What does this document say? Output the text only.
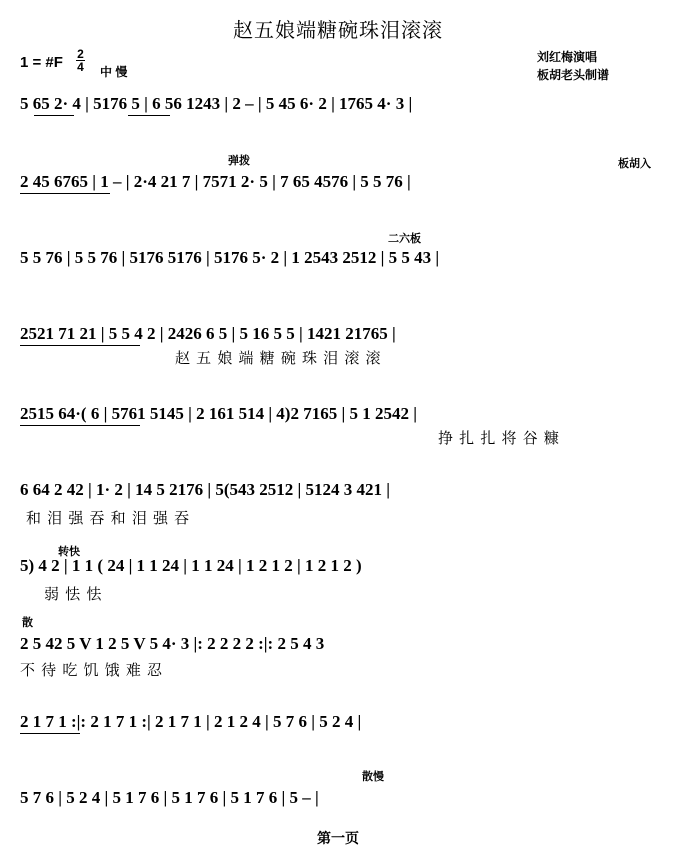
赵五娘端糖碗珠泪滚滚
1 = #F 2
4 中 慢
刘红梅演唱
板胡老头制谱
弹拨	板胡入
二六板
转快
散
散慢
5 65 2· 4 | 5176 5 | 6 56 1243 | 2 – | 5 45 6· 2 | 1765 4· 3 |
2 45 6765 | 1 – | 2·4 21 7 | 7571 2· 5 | 7 65 4576 | 5 5 76 |
5 5 76 | 5 5 76 | 5176 5176 | 5176 5· 2 | 1 2543 2512 | 5 5 43 |
2521 71 21 | 5 5 4 2 | 2426 6 5 | 5 16 5 5 | 1421 21765 |
赵 五 娘 端 糖 碗 珠 泪 滚 滚
2515 64·( 6 | 5761 5145 | 2 161 514 | 4)2 7165 | 5 1 2542 |
挣 扎 扎 将 谷 糠
6 64 2 42 | 1· 2 | 14 5 2176 | 5(543 2512 | 5124 3 421 |
和 泪 强 吞 和 泪 强 吞
5) 4 2 | 1 1 ( 24 | 1 1 24 | 1 1 24 | 1 2 1 2 | 1 2 1 2 )
弱 怯 怯
2 5 42 5 V 1 2 5 V 5 4· 3 |: 2 2 2 2 :|: 2 5 4 3
不 待 吃 饥 饿 难 忍
2 1 7 1 :|: 2 1 7 1 :| 2 1 7 1 | 2 1 2 4 | 5 7 6 | 5 2 4 |
5 7 6 | 5 2 4 | 5 1 7 6 | 5 1 7 6 | 5 1 7 6 | 5 – |
第一页
